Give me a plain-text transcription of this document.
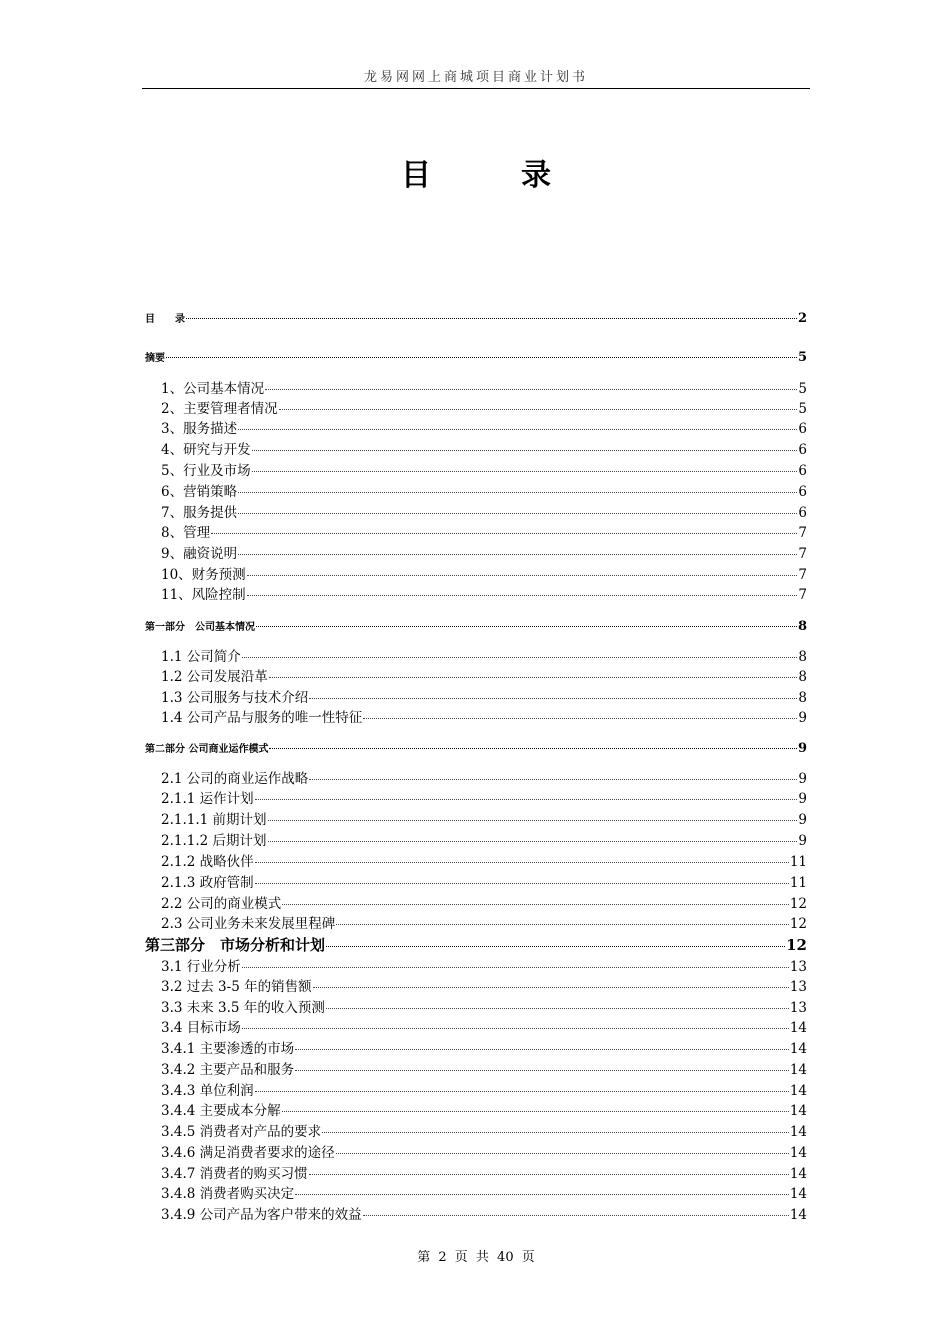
龙易网网上商城项目商业计划书
目录
目　　录	2
摘要	5
1、公司基本情况	5
2、主要管理者情况	5
3、服务描述	6
4、研究与开发	6
5、行业及市场	6
6、营销策略	6
7、服务提供	6
8、管理	7
9、融资说明	7
10、财务预测	7
11、风险控制	7
第一部分　公司基本情况	8
1.1 公司简介	8
1.2 公司发展沿革	8
1.3 公司服务与技术介绍	8
1.4 公司产品与服务的唯一性特征	9
第二部分 公司商业运作模式	9
2.1 公司的商业运作战略	9
2.1.1 运作计划	9
2.1.1.1 前期计划	9
2.1.1.2 后期计划	9
2.1.2 战略伙伴	11
2.1.3 政府管制	11
2.2 公司的商业模式	12
2.3 公司业务未来发展里程碑	12
第三部分　市场分析和计划	12
3.1 行业分析	13
3.2 过去 3-5 年的销售额	13
3.3 未来 3.5 年的收入预测	13
3.4 目标市场	14
3.4.1 主要渗透的市场	14
3.4.2 主要产品和服务	14
3.4.3 单位利润	14
3.4.4 主要成本分解	14
3.4.5 消费者对产品的要求	14
3.4.6 满足消费者要求的途径	14
3.4.7 消费者的购买习惯	14
3.4.8 消费者购买决定	14
3.4.9 公司产品为客户带来的效益	14
第 2 页 共 40 页
